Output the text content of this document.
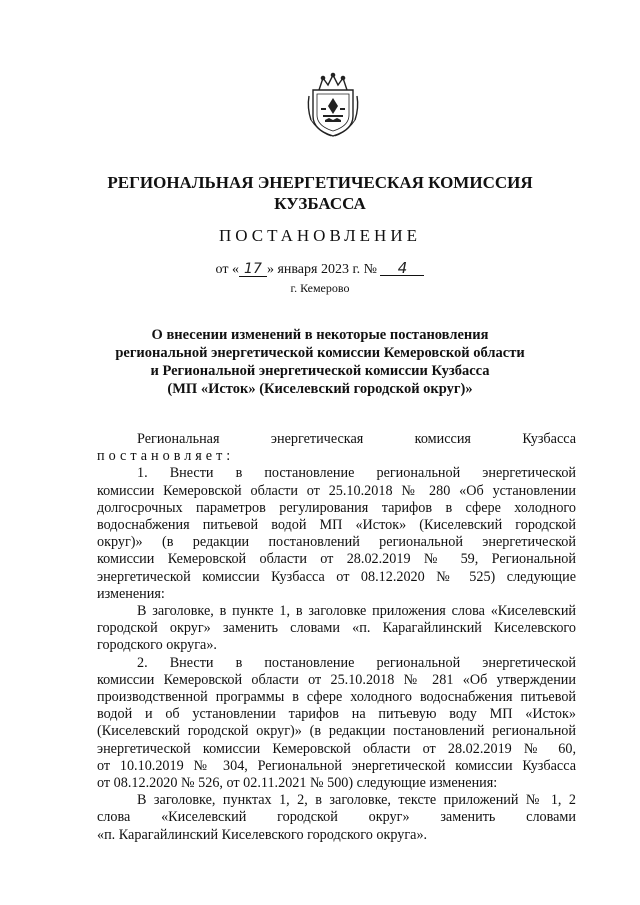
РЕГИОНАЛЬНАЯ ЭНЕРГЕТИЧЕСКАЯ КОМИССИЯ
КУЗБАССА
ПОСТАНОВЛЕНИЕ
от « 17 » января 2023 г. № 4
г. Кемерово
О внесении изменений в некоторые постановления
региональной энергетической комиссии Кемеровской области
и Региональной энергетической комиссии Кузбасса
(МП «Исток» (Киселевский городской округ)»

Региональная	энергетическая	комиссия	Кузбасса

постановляет:

1. Внести в постановление региональной энергетической

комиссии Кемеровской области от 25.10.2018 № 280 «Об установлении

долгосрочных параметров регулирования тарифов в сфере холодного

водоснабжения питьевой водой МП «Исток» (Киселевский городской

округ)» (в редакции постановлений региональной энергетической

комиссии Кемеровской области от 28.02.2019 № 59, Региональной

энергетической комиссии Кузбасса от 08.12.2020 № 525) следующие

изменения:

В заголовке, в пункте 1, в заголовке приложения слова «Киселевский

городской округ» заменить словами «п. Карагайлинский Киселевского

городского округа».

2. Внести в постановление региональной энергетической

комиссии Кемеровской области от 25.10.2018 № 281 «Об утверждении

производственной программы в сфере холодного водоснабжения питьевой

водой и об установлении тарифов на питьевую воду МП «Исток»

(Киселевский городской округ)» (в редакции постановлений региональной

энергетической комиссии Кемеровской области от 28.02.2019 № 60,

от 10.10.2019 № 304, Региональной энергетической комиссии Кузбасса

от 08.12.2020 № 526, от 02.11.2021 № 500) следующие изменения:

В заголовке, пунктах 1, 2, в заголовке, тексте приложений № 1, 2

слова «Киселевский городской округ» заменить словами

«п. Карагайлинский Киселевского городского округа».
